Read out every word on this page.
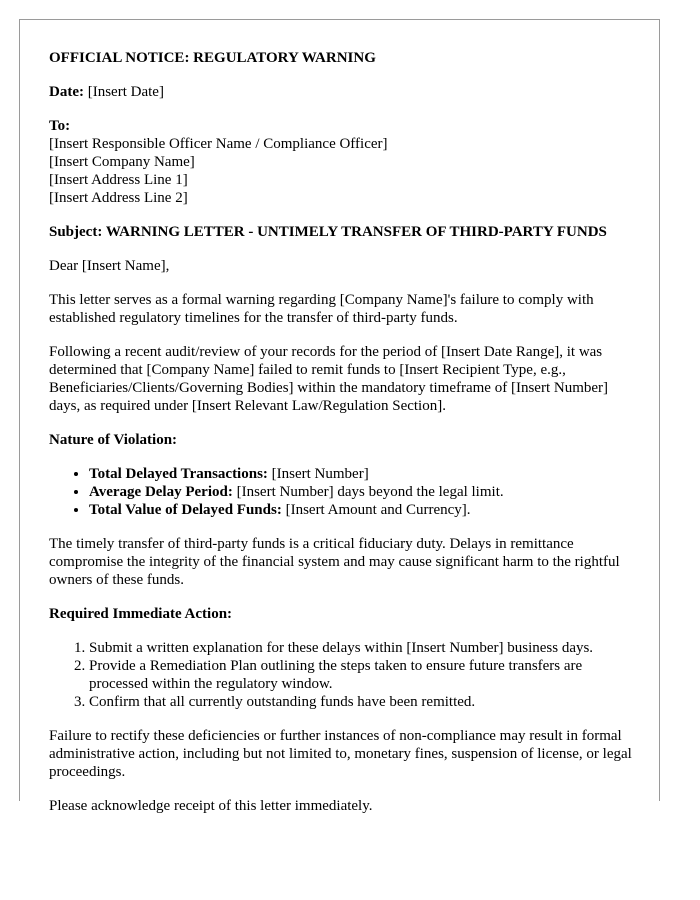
OFFICIAL NOTICE: REGULATORY WARNING

Date: [Insert Date]

To:
[Insert Responsible Officer Name / Compliance Officer]
[Insert Company Name]
[Insert Address Line 1]
[Insert Address Line 2]

Subject: WARNING LETTER - UNTIMELY TRANSFER OF THIRD-PARTY FUNDS

Dear [Insert Name],

This letter serves as a formal warning regarding [Company Name]'s failure to comply with established regulatory timelines for the transfer of third-party funds.

Following a recent audit/review of your records for the period of [Insert Date Range], it was determined that [Company Name] failed to remit funds to [Insert Recipient Type, e.g., Beneficiaries/Clients/Governing Bodies] within the mandatory timeframe of [Insert Number] days, as required under [Insert Relevant Law/Regulation Section].

Nature of Violation:

• Total Delayed Transactions: [Insert Number]
• Average Delay Period: [Insert Number] days beyond the legal limit.
• Total Value of Delayed Funds: [Insert Amount and Currency].

The timely transfer of third-party funds is a critical fiduciary duty. Delays in remittance compromise the integrity of the financial system and may cause significant harm to the rightful owners of these funds.

Required Immediate Action:

1. Submit a written explanation for these delays within [Insert Number] business days.
2. Provide a Remediation Plan outlining the steps taken to ensure future transfers are processed within the regulatory window.
3. Confirm that all currently outstanding funds have been remitted.

Failure to rectify these deficiencies or further instances of non-compliance may result in formal administrative action, including but not limited to, monetary fines, suspension of license, or legal proceedings.

Please acknowledge receipt of this letter immediately.
